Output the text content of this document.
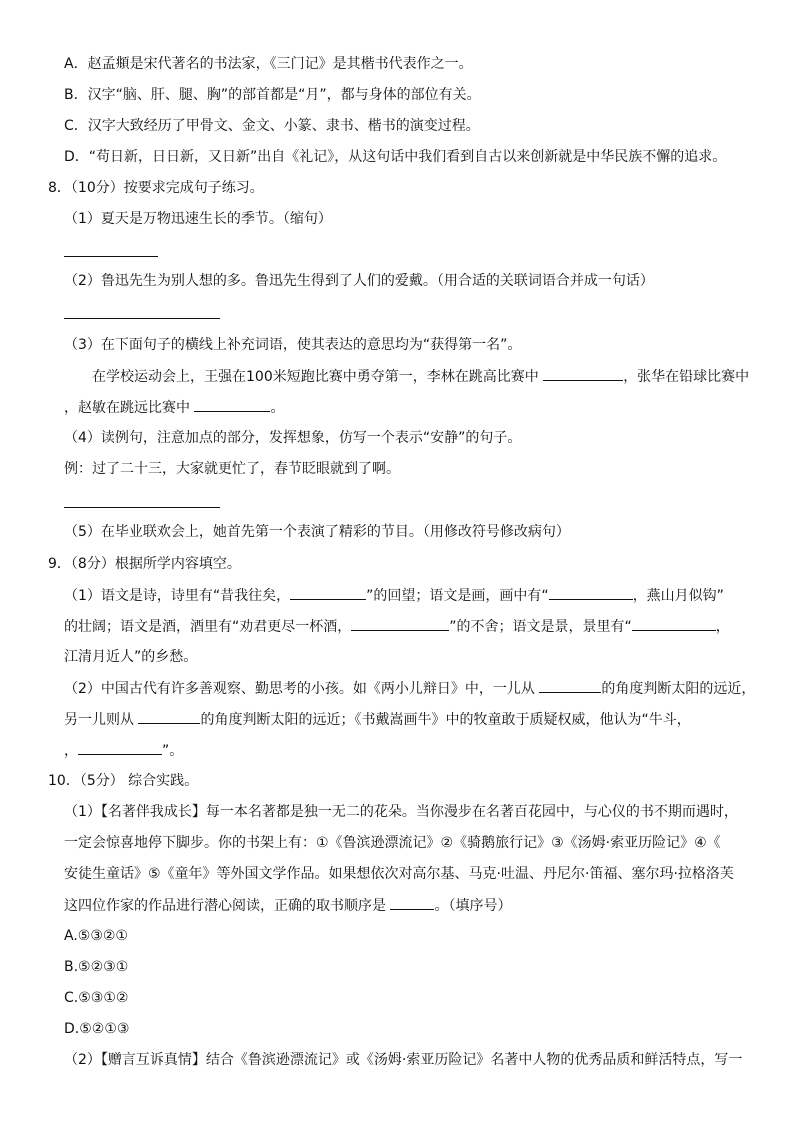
A．赵孟頫是宋代著名的书法家，《三门记》是其楷书代表作之一。
B．汉字“脑、肝、腿、胸”的部首都是“月”，都与身体的部位有关。
C．汉字大致经历了甲骨文、金文、小篆、隶书、楷书的演变过程。
D．“苟日新，日日新，又日新”出自《礼记》，从这句话中我们看到自古以来创新就是中华民族不懈的追求。
8．（10分）按要求完成句子练习。
（1）夏天是万物迅速生长的季节。（缩句）
（2）鲁迅先生为别人想的多。鲁迅先生得到了人们的爱戴。（用合适的关联词语合并成一句话）
（3）在下面句子的横线上补充词语，使其表达的意思均为“获得第一名”。
在学校运动会上，王强在100米短跑比赛中勇夺第一，李林在跳高比赛中	，张华在铅球比赛中
，赵敏在跳远比赛中	。
（4）读例句，注意加点的部分，发挥想象，仿写一个表示“安静”的句子。
例：过了二十三，大家就更忙了，春节眨眼就到了啊。
（5）在毕业联欢会上，她首先第一个表演了精彩的节目。（用修改符号修改病句）
9．（8分）根据所学内容填空。
（1）语文是诗，诗里有“昔我往矣，	”的回望；语文是画，画中有“	，燕山月似钩”
的壮阔；语文是酒，酒里有“劝君更尽一杯酒，	”的不舍；语文是景，景里有“	，
江清月近人”的乡愁。
（2）中国古代有许多善观察、勤思考的小孩。如《两小儿辩日》中，一儿从	的角度判断太阳的远近，
另一儿则从	的角度判断太阳的远近；《书戴嵩画牛》中的牧童敢于质疑权威，他认为“牛斗，
，	”。
10．（5分） 综合实践。
（1）【名著伴我成长】每一本名著都是独一无二的花朵。当你漫步在名著百花园中，与心仪的书不期而遇时，
一定会惊喜地停下脚步。你的书架上有：①《鲁滨逊漂流记》②《骑鹅旅行记》③《汤姆·索亚历险记》④《
安徒生童话》⑤《童年》等外国文学作品。如果想依次对高尔基、马克·吐温、丹尼尔·笛福、塞尔玛·拉格洛芙
这四位作家的作品进行潜心阅读，正确的取书顺序是	。（填序号）
A.⑤③②①
B.⑤②③①
C.⑤③①②
D.⑤②①③
（2）【赠言互诉真情】结合《鲁滨逊漂流记》或《汤姆·索亚历险记》名著中人物的优秀品质和鲜活特点，写一
